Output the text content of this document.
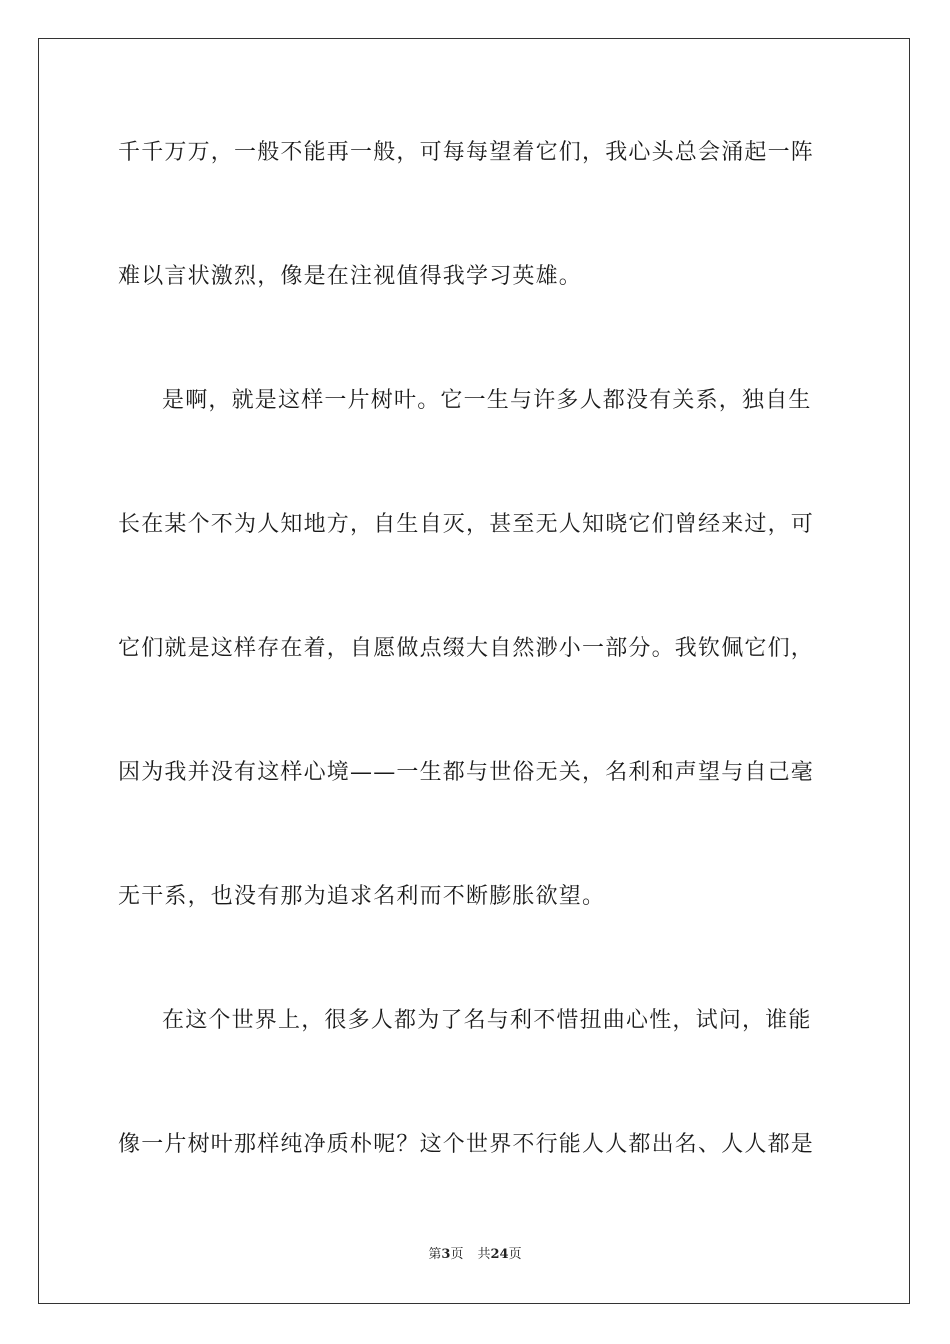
千千万万，一般不能再一般，可每每望着它们，我心头总会涌起一阵
难以言状激烈，像是在注视值得我学习英雄。
是啊，就是这样一片树叶。它一生与许多人都没有关系，独自生
长在某个不为人知地方，自生自灭，甚至无人知晓它们曾经来过，可
它们就是这样存在着，自愿做点缀大自然渺小一部分。我钦佩它们，
因为我并没有这样心境——一生都与世俗无关，名利和声望与自己毫
无干系，也没有那为追求名利而不断膨胀欲望。
在这个世界上，很多人都为了名与利不惜扭曲心性，试问，谁能
像一片树叶那样纯净质朴呢？这个世界不行能人人都出名、人人都是
第3页 共24页
